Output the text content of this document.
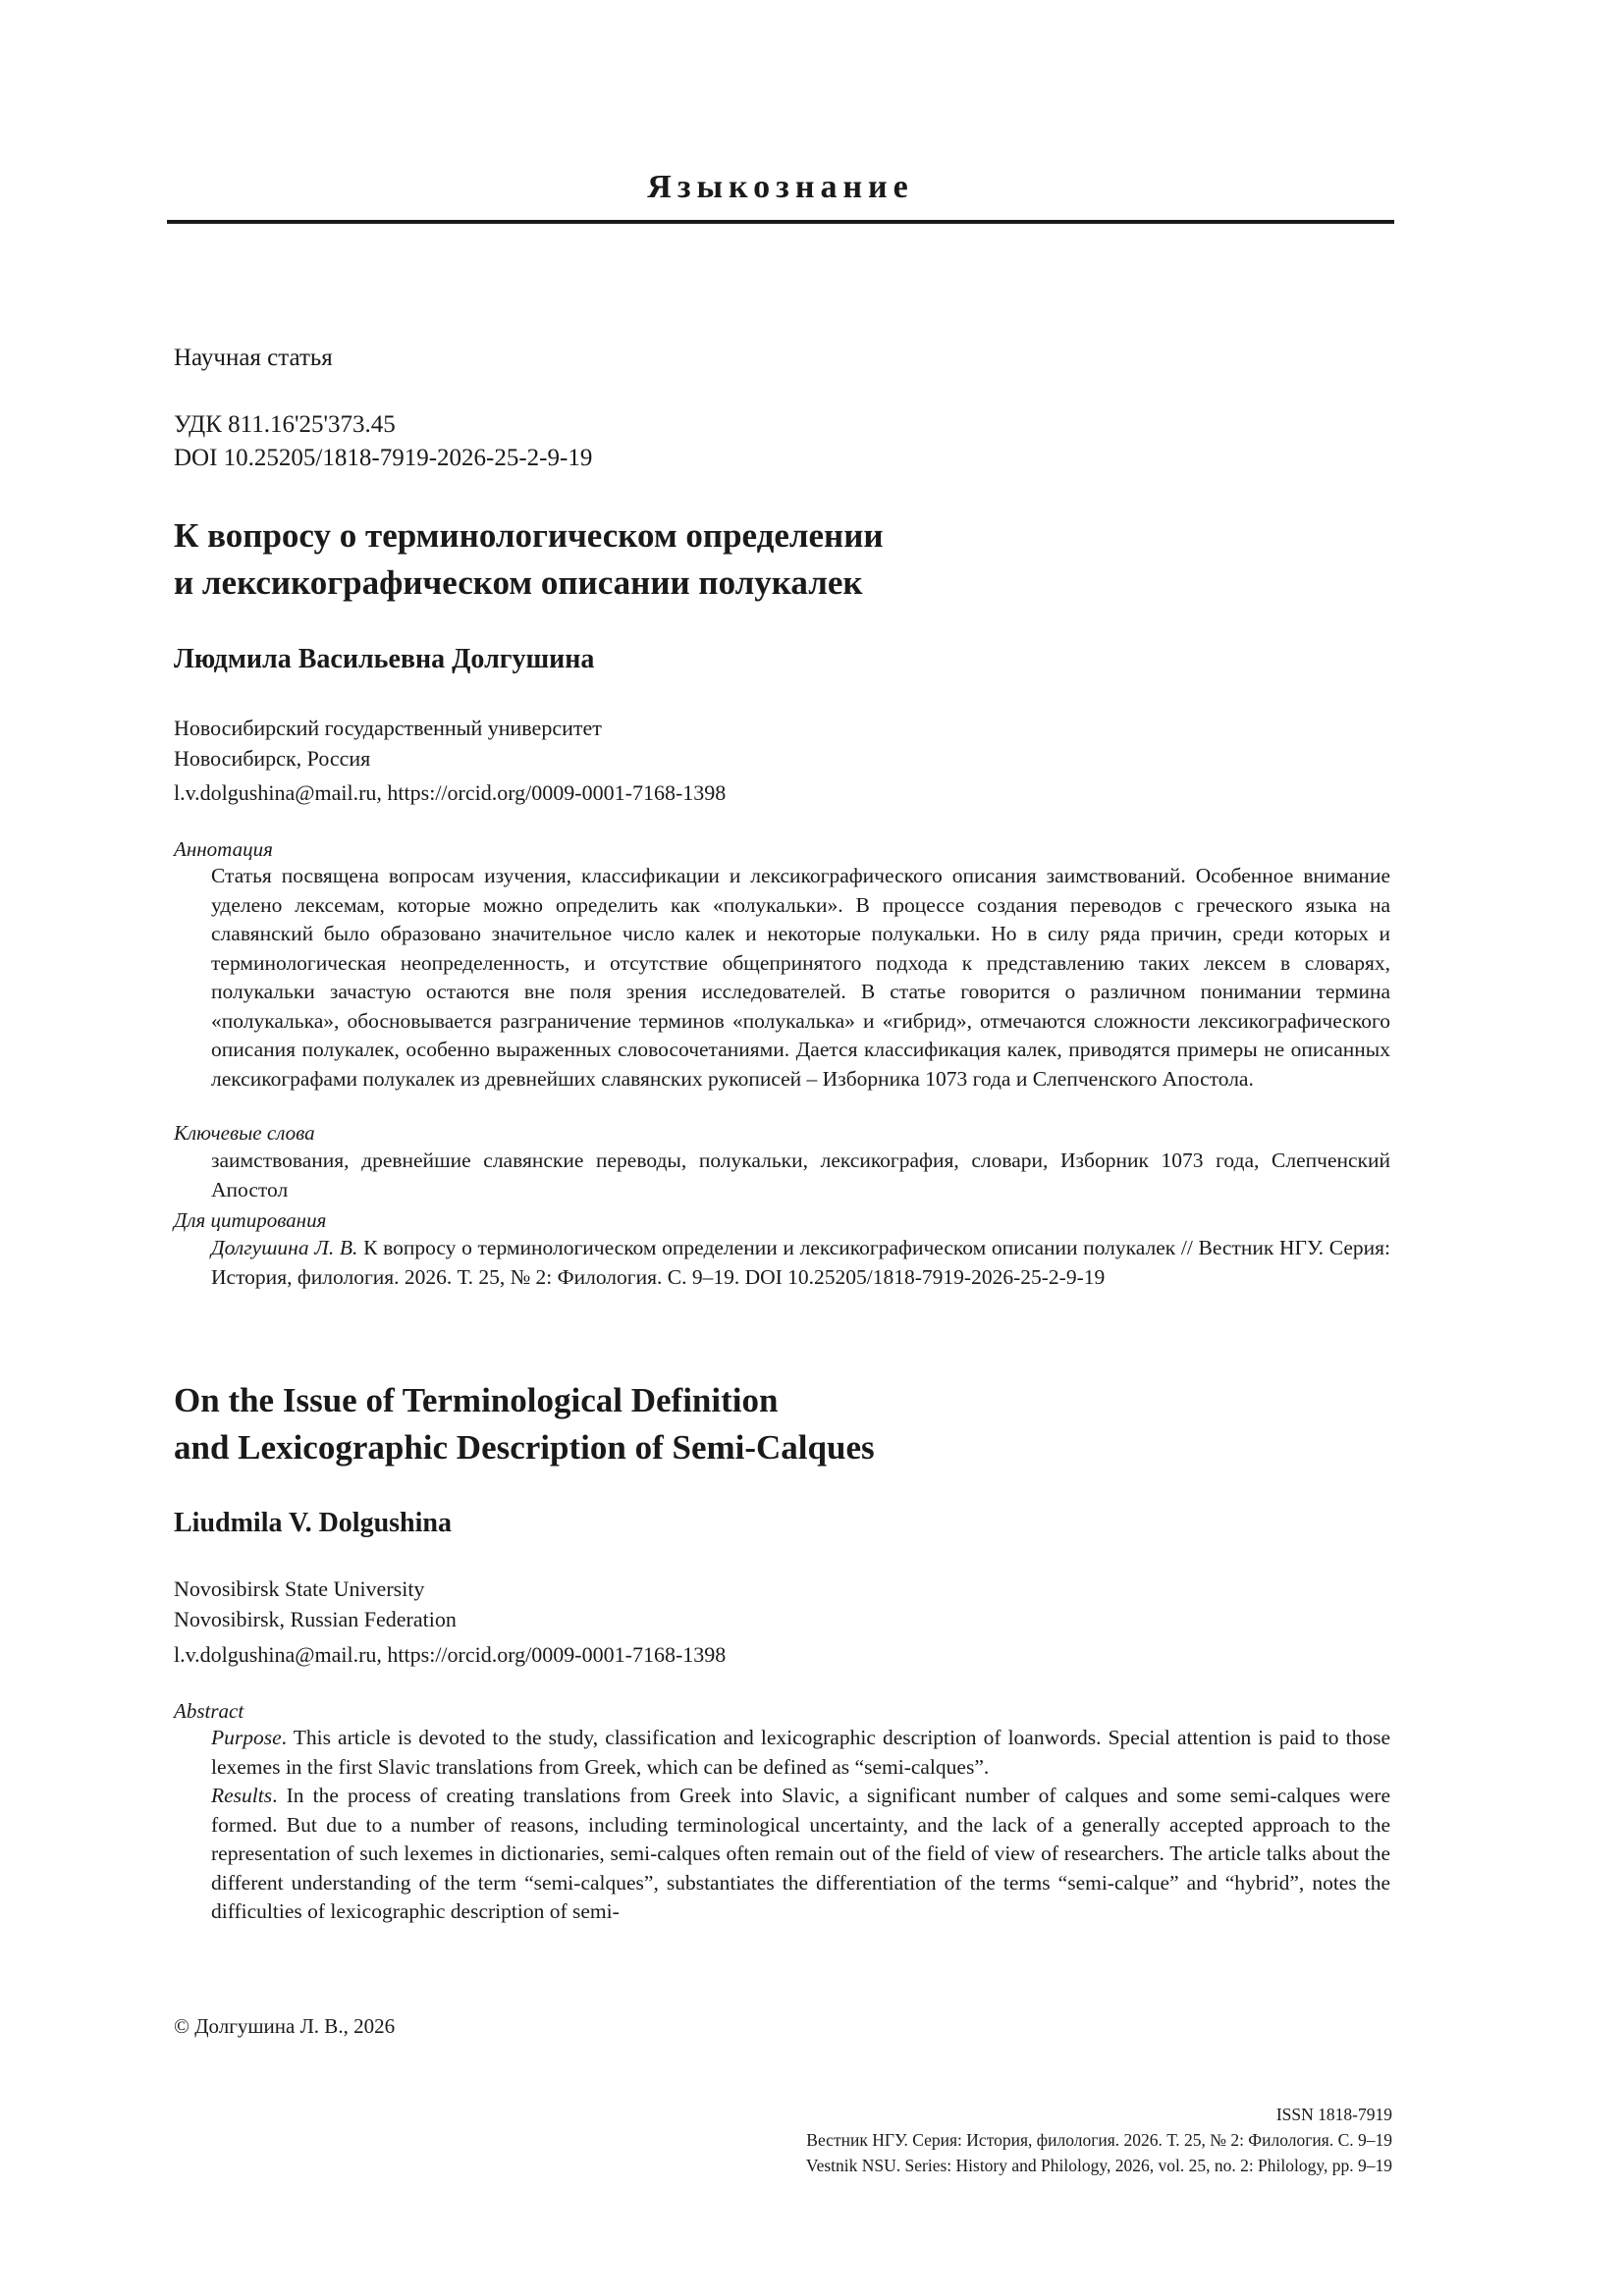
Языкознание
Научная статья
УДК 811.16'25'373.45
DOI 10.25205/1818-7919-2026-25-2-9-19
К вопросу о терминологическом определении
и лексикографическом описании полукалек
Людмила Васильевна Долгушина
Новосибирский государственный университет
Новосибирск, Россия
l.v.dolgushina@mail.ru, https://orcid.org/0009-0001-7168-1398
Аннотация
Статья посвящена вопросам изучения, классификации и лексикографического описания заимствований. Особенное внимание уделено лексемам, которые можно определить как «полукальки». В процессе создания переводов с греческого языка на славянский было образовано значительное число калек и некоторые полукальки. Но в силу ряда причин, среди которых и терминологическая неопределенность, и отсутствие общепринятого подхода к представлению таких лексем в словарях, полукальки зачастую остаются вне поля зрения исследователей. В статье говорится о различном понимании термина «полукалька», обосновывается разграничение терминов «полукалька» и «гибрид», отмечаются сложности лексикографического описания полукалек, особенно выраженных словосочетаниями. Дается классификация калек, приводятся примеры не описанных лексикографами полукалек из древнейших славянских рукописей – Изборника 1073 года и Слепченского Апостола.
Ключевые слова
заимствования, древнейшие славянские переводы, полукальки, лексикография, словари, Изборник 1073 года, Слепченский Апостол
Для цитирования
Долгушина Л. В. К вопросу о терминологическом определении и лексикографическом описании полукалек // Вестник НГУ. Серия: История, филология. 2026. Т. 25, № 2: Филология. С. 9–19. DOI 10.25205/1818-7919-2026-25-2-9-19
On the Issue of Terminological Definition
and Lexicographic Description of Semi-Calques
Liudmila V. Dolgushina
Novosibirsk State University
Novosibirsk, Russian Federation
l.v.dolgushina@mail.ru, https://orcid.org/0009-0001-7168-1398
Abstract

Purpose. This article is devoted to the study, classification and lexicographic description of loanwords. Special attention is paid to those lexemes in the first Slavic translations from Greek, which can be defined as “semi-calques”.

Results. In the process of creating translations from Greek into Slavic, a significant number of calques and some semi-calques were formed. But due to a number of reasons, including terminological uncertainty, and the lack of a generally accepted approach to the representation of such lexemes in dictionaries, semi-calques often remain out of the field of view of researchers. The article talks about the different understanding of the term “semi-calques”, substantiates the differentiation of the terms “semi-calque” and “hybrid”, notes the difficulties of lexicographic description of semi-

© Долгушина Л. В., 2026
ISSN 1818-7919
Вестник НГУ. Серия: История, филология. 2026. Т. 25, № 2: Филология. С. 9–19
Vestnik NSU. Series: History and Philology, 2026, vol. 25, no. 2: Philology, pp. 9–19
